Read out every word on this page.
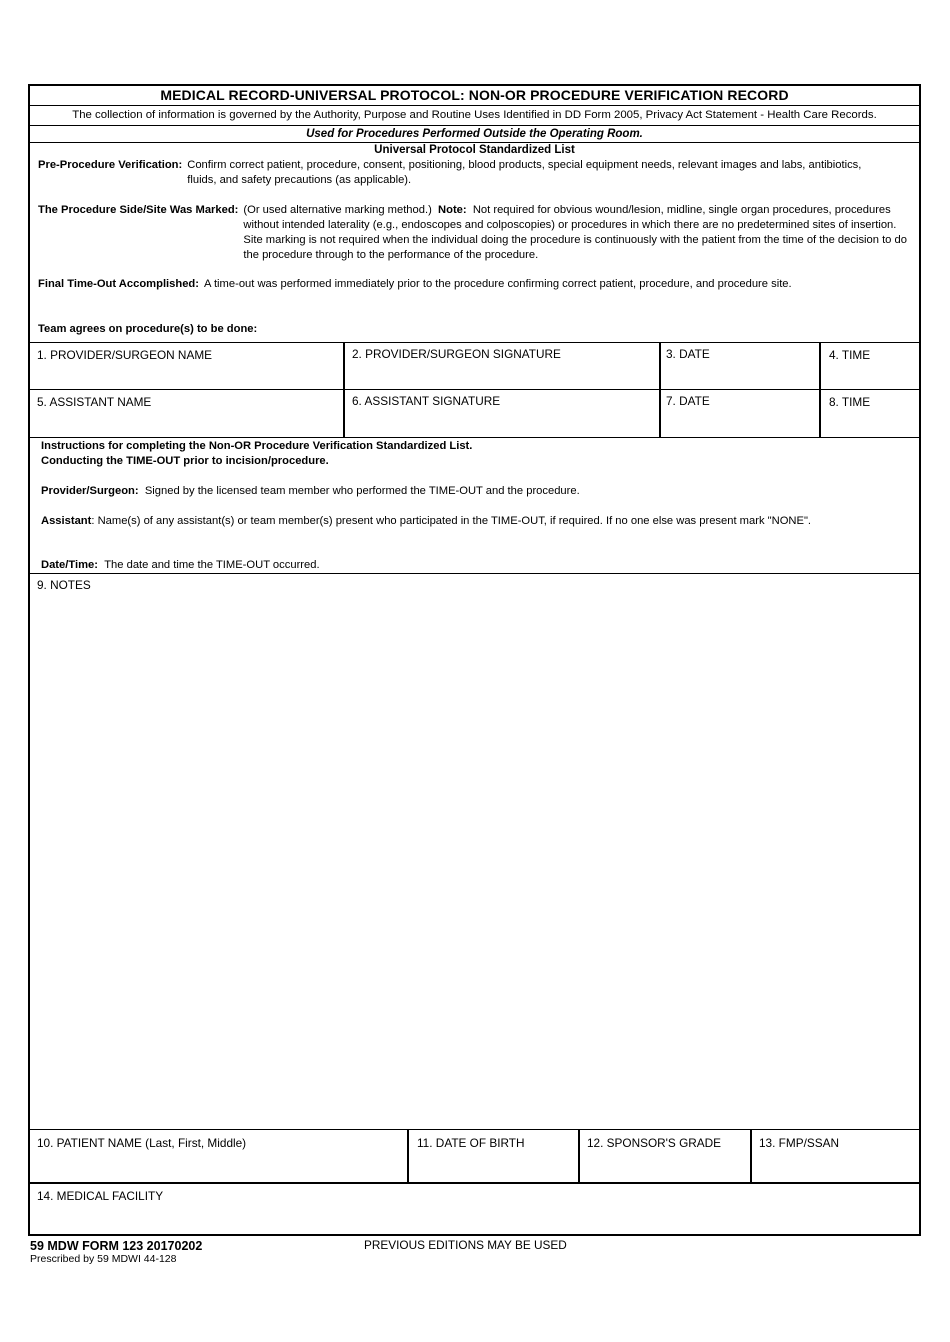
MEDICAL RECORD-UNIVERSAL PROTOCOL: NON-OR PROCEDURE VERIFICATION RECORD
The collection of information is governed by the Authority, Purpose and Routine Uses Identified in DD Form 2005, Privacy Act Statement - Health Care Records.
Used for Procedures Performed Outside the Operating Room.
Universal Protocol Standardized List
Pre-Procedure Verification: Confirm correct patient, procedure, consent, positioning, blood products, special equipment needs, relevant images and labs, antibiotics, fluids, and safety precautions (as applicable).
The Procedure Side/Site Was Marked: (Or used alternative marking method.) Note: Not required for obvious wound/lesion, midline, single organ procedures, procedures without intended laterality (e.g., endoscopes and colposcopies) or procedures in which there are no predetermined sites of insertion. Site marking is not required when the individual doing the procedure is continuously with the patient from the time of the decision to do the procedure through to the performance of the procedure.
Final Time-Out Accomplished: A time-out was performed immediately prior to the procedure confirming correct patient, procedure, and procedure site.
Team agrees on procedure(s) to be done:
1. PROVIDER/SURGEON NAME	2. PROVIDER/SURGEON SIGNATURE	3. DATE	4. TIME
5. ASSISTANT NAME	6. ASSISTANT SIGNATURE	7. DATE	8. TIME
Instructions for completing the Non-OR Procedure Verification Standardized List.
Conducting the TIME-OUT prior to incision/procedure.
Provider/Surgeon: Signed by the licensed team member who performed the TIME-OUT and the procedure.
Assistant : Name(s) of any assistant(s) or team member(s) present who participated in the TIME-OUT, if required. If no one else was present mark "NONE".
Date/Time: The date and time the TIME-OUT occurred.
9. NOTES
10. PATIENT NAME (Last, First, Middle)	11. DATE OF BIRTH	12. SPONSOR'S GRADE	13. FMP/SSAN
14. MEDICAL FACILITY
59 MDW FORM 123 20170202
Prescribed by 59 MDWI 44-128
PREVIOUS EDITIONS MAY BE USED
